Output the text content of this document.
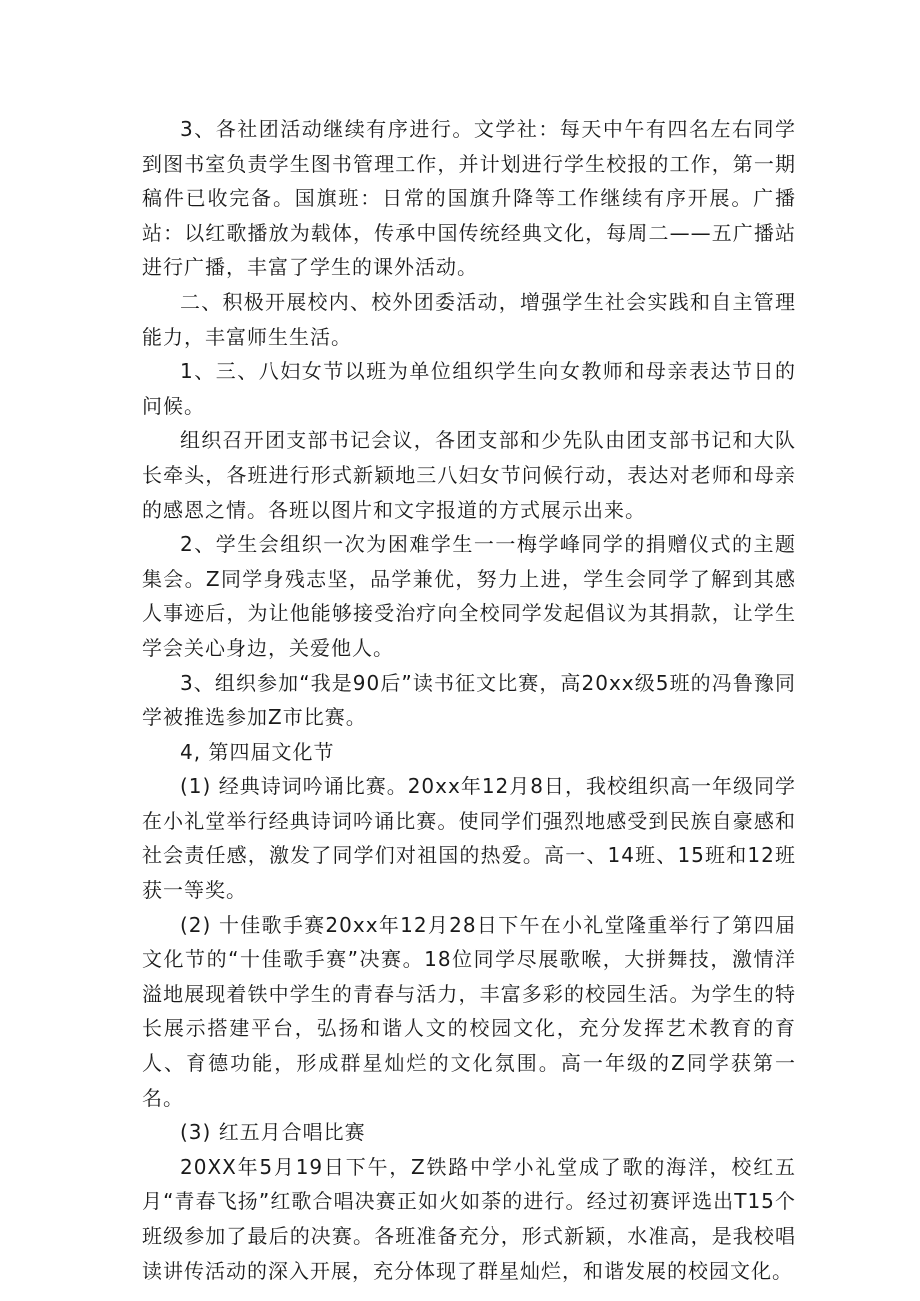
3、各社团活动继续有序进行。文学社：每天中午有四名左右同学到图书室负责学生图书管理工作，并计划进行学生校报的工作，第一期稿件已收完备。国旗班：日常的国旗升降等工作继续有序开展。广播站：以红歌播放为载体，传承中国传统经典文化，每周二——五广播站进行广播，丰富了学生的课外活动。

二、积极开展校内、校外团委活动，增强学生社会实践和自主管理能力，丰富师生生活。

1、三、八妇女节以班为单位组织学生向女教师和母亲表达节日的问候。

组织召开团支部书记会议，各团支部和少先队由团支部书记和大队长牵头，各班进行形式新颖地三八妇女节问候行动，表达对老师和母亲的感恩之情。各班以图片和文字报道的方式展示出来。

2、学生会组织一次为困难学生一一梅学峰同学的捐赠仪式的主题集会。Z同学身残志坚，品学兼优，努力上进，学生会同学了解到其感人事迹后，为让他能够接受治疗向全校同学发起倡议为其捐款，让学生学会关心身边，关爱他人。

3、组织参加“我是90后”读书征文比赛，高20xx级5班的冯鲁豫同学被推选参加Z市比赛。

4, 第四届文化节

(1) 经典诗词吟诵比赛。20xx年12月8日，我校组织高一年级同学在小礼堂举行经典诗词吟诵比赛。使同学们强烈地感受到民族自豪感和社会责任感，激发了同学们对祖国的热爱。高一、14班、15班和12班获一等奖。

(2) 十佳歌手赛20xx年12月28日下午在小礼堂隆重举行了第四届文化节的“十佳歌手赛”决赛。18位同学尽展歌喉，大拼舞技，激情洋溢地展现着铁中学生的青春与活力，丰富多彩的校园生活。为学生的特长展示搭建平台，弘扬和谐人文的校园文化，充分发挥艺术教育的育人、育德功能，形成群星灿烂的文化氛围。高一年级的Z同学获第一名。

(3) 红五月合唱比赛

20XX年5月19日下午，Z铁路中学小礼堂成了歌的海洋，校红五月“青春飞扬”红歌合唱决赛正如火如荼的进行。经过初赛评选出T15个班级参加了最后的决赛。各班准备充分，形式新颖，水准高，是我校唱读讲传活动的深入开展，充分体现了群星灿烂，和谐发展的校园文化。
